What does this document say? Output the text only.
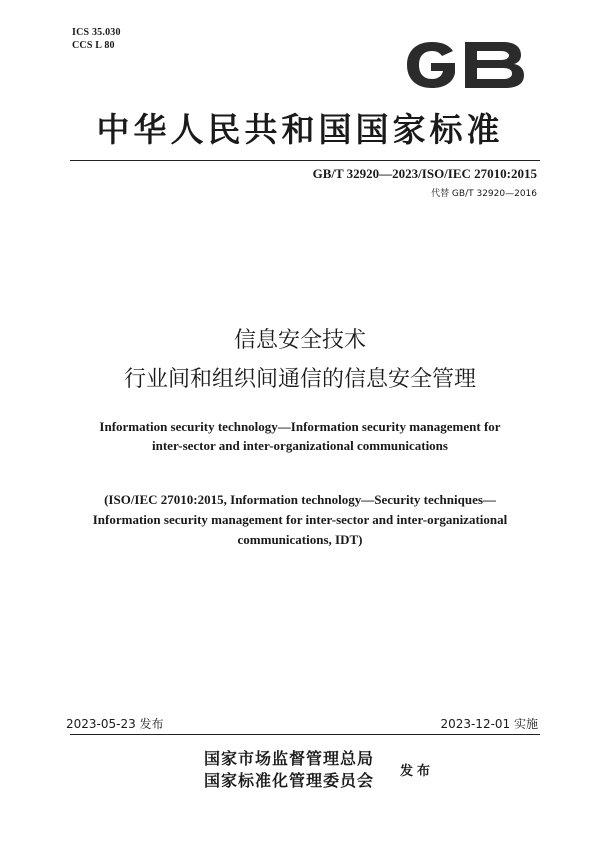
ICS 35.030
CCS L 80
中华人民共和国国家标准
GB/T 32920—2023/ISO/IEC 27010:2015
代替 GB/T 32920—2016
信息安全技术
行业间和组织间通信的信息安全管理
Information security technology—Information security management for
inter-sector and inter-organizational communications
(ISO/IEC 27010:2015, Information technology—Security techniques—
Information security management for inter-sector and inter-organizational
communications, IDT)
2023-05-23 发布	2023-12-01 实施
国家市场监督管理总局
国家标准化管理委员会 发布
